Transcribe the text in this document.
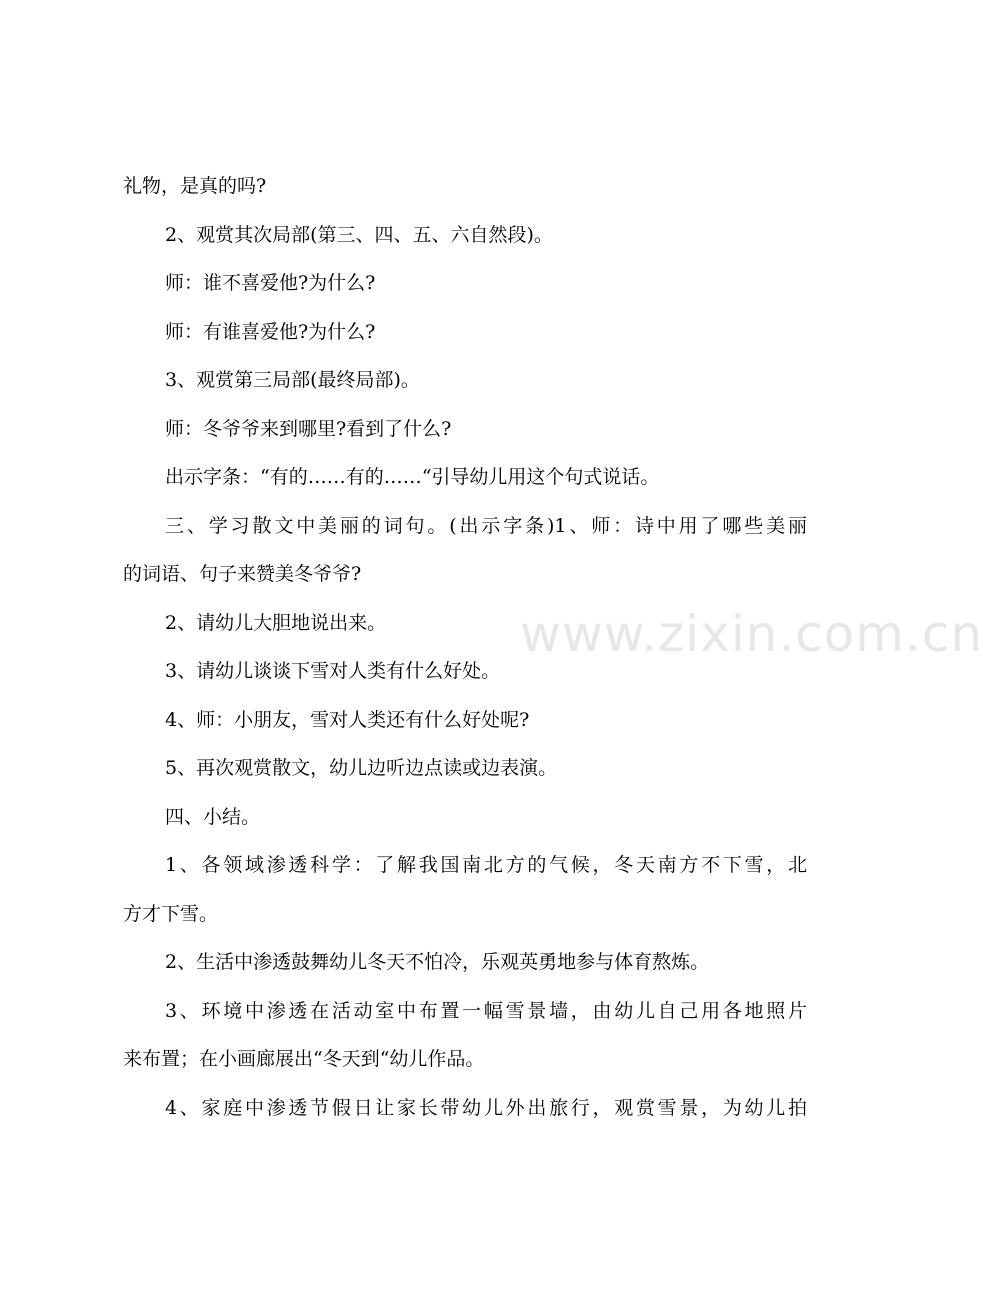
礼物，是真的吗?
2、观赏其次局部(第三、四、五、六自然段)。
师：谁不喜爱他?为什么?
师：有谁喜爱他?为什么?
3、观赏第三局部(最终局部)。
师：冬爷爷来到哪里?看到了什么?
出示字条：“有的……有的……“引导幼儿用这个句式说话。
三、学习散文中美丽的词句。(出示字条)1、师：诗中用了哪些美丽
的词语、句子来赞美冬爷爷?
2、请幼儿大胆地说出来。
3、请幼儿谈谈下雪对人类有什么好处。
4、师：小朋友，雪对人类还有什么好处呢?
5、再次观赏散文，幼儿边听边点读或边表演。
四、小结。
1、各领域渗透科学：了解我国南北方的气候，冬天南方不下雪，北
方才下雪。
2、生活中渗透鼓舞幼儿冬天不怕冷，乐观英勇地参与体育熬炼。
3、环境中渗透在活动室中布置一幅雪景墙，由幼儿自己用各地照片
来布置；在小画廊展出“冬天到“幼儿作品。
4、家庭中渗透节假日让家长带幼儿外出旅行，观赏雪景，为幼儿拍
www.zixin.com.cn
